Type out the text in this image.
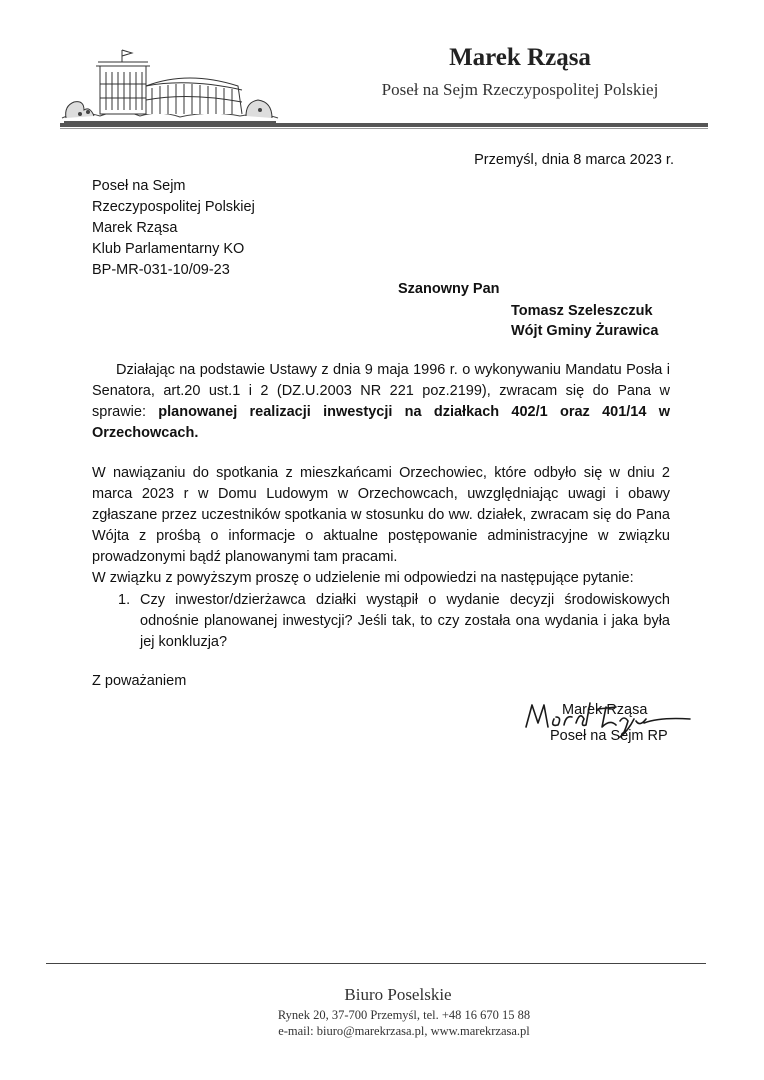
Marek Rząsa
Poseł na Sejm Rzeczypospolitej Polskiej
Przemyśl, dnia 8 marca 2023 r.
Poseł na Sejm
Rzeczypospolitej Polskiej
Marek Rząsa
Klub Parlamentarny KO
BP-MR-031-10/09-23
Szanowny Pan
Tomasz Szeleszczuk
Wójt Gminy Żurawica
Działając na podstawie Ustawy z dnia 9 maja 1996 r. o wykonywaniu Mandatu Posła i Senatora, art.20 ust.1 i 2 (DZ.U.2003 NR 221 poz.2199), zwracam się do Pana w sprawie: planowanej realizacji inwestycji na działkach 402/1 oraz 401/14 w Orzechowcach.
W nawiązaniu do spotkania z mieszkańcami Orzechowiec, które odbyło się w dniu 2 marca 2023 r w Domu Ludowym w Orzechowcach, uwzględniając uwagi i obawy zgłaszane przez uczestników spotkania w stosunku do ww. działek, zwracam się do Pana Wójta z prośbą o informacje o aktualne postępowanie administracyjne w związku prowadzonymi bądź planowanymi tam pracami.
W związku z powyższym proszę o udzielenie mi odpowiedzi na następujące pytanie:
1. Czy inwestor/dzierżawca działki wystąpił o wydanie decyzji środowiskowych odnośnie planowanej inwestycji? Jeśli tak, to czy została ona wydania i jaka była jej konkluzja?
Z poważaniem
Marek Rząsa
Poseł na Sejm RP
Biuro Poselskie
Rynek 20, 37-700 Przemyśl, tel. +48 16 670 15 88
e-mail: biuro@marekrzasa.pl, www.marekrzasa.pl
